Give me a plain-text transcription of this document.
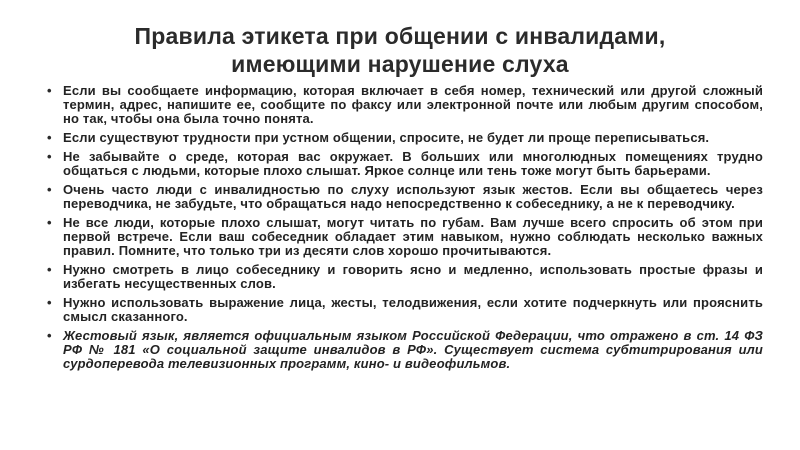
Правила этикета при общении с инвалидами,
имеющими нарушение слуха
• Если вы сообщаете информацию, которая включает в себя номер, технический или другой сложный термин, адрес, напишите ее, сообщите по факсу или электронной почте или любым другим способом, но так, чтобы она была точно понята.
• Если существуют трудности при устном общении, спросите, не будет ли проще переписываться.
• Не забывайте о среде, которая вас окружает. В больших или многолюдных помещениях трудно общаться с людьми, которые плохо слышат. Яркое солнце или тень тоже могут быть барьерами.
• Очень часто люди с инвалидностью по слуху используют язык жестов. Если вы общаетесь через переводчика, не забудьте, что обращаться надо непосредственно к собеседнику, а не к переводчику.
• Не все люди, которые плохо слышат, могут читать по губам. Вам лучше всего спросить об этом при первой встрече. Если ваш собеседник обладает этим навыком, нужно соблюдать несколько важных правил. Помните, что только три из десяти слов хорошо прочитываются.
• Нужно смотреть в лицо собеседнику и говорить ясно и медленно, использовать простые фразы и избегать несущественных слов.
• Нужно использовать выражение лица, жесты, телодвижения, если хотите подчеркнуть или прояснить смысл сказанного.
• Жестовый язык, является официальным языком Российской Федерации, что отражено в ст. 14 ФЗ РФ № 181 «О социальной защите инвалидов в РФ». Существует система субтитрирования или сурдоперевода телевизионных программ, кино- и видеофильмов.
